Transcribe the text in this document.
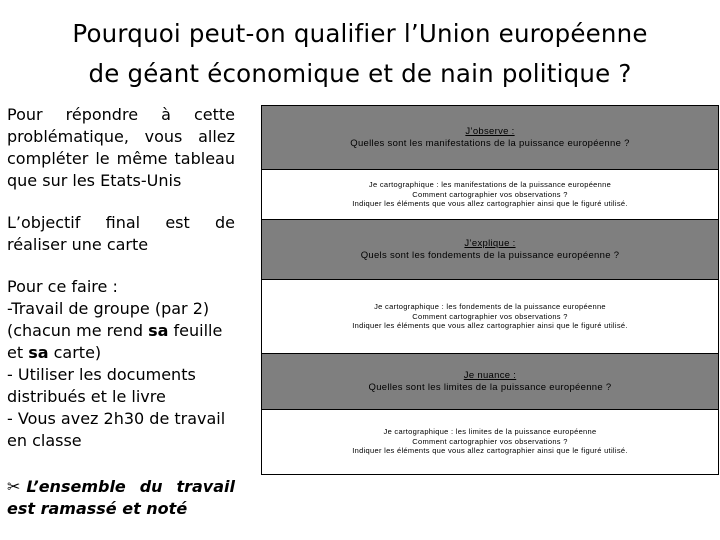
Pourquoi peut-on qualifier l’Union européenne
de géant économique et de nain politique ?

Pour répondre à cette

problématique, vous allez

compléter le même tableau

que sur les Etats-Unis

L’objectif final est de

réaliser une carte

Pour ce faire :

-Travail de groupe (par 2)

(chacun me rend sa feuille

et sa carte)

- Utiliser les documents

distribués et le livre

- Vous avez 2h30 de travail

en classe

✂ L’ensemble du travail

est ramassé et noté

J’observe :
Quelles sont les manifestations de la puissance européenne ?
Je cartographique : les manifestations de la puissance européenne
Comment cartographier vos observations ?
Indiquer les éléments que vous allez cartographier ainsi que le figuré utilisé.
J’explique :
Quels sont les fondements de la puissance européenne ?
Je cartographique : les fondements de la puissance européenne
Comment cartographier vos observations ?
Indiquer les éléments que vous allez cartographier ainsi que le figuré utilisé.
Je nuance :
Quelles sont les limites de la puissance européenne ?
Je cartographique : les limites de la puissance européenne
Comment cartographier vos observations ?
Indiquer les éléments que vous allez cartographier ainsi que le figuré utilisé.
